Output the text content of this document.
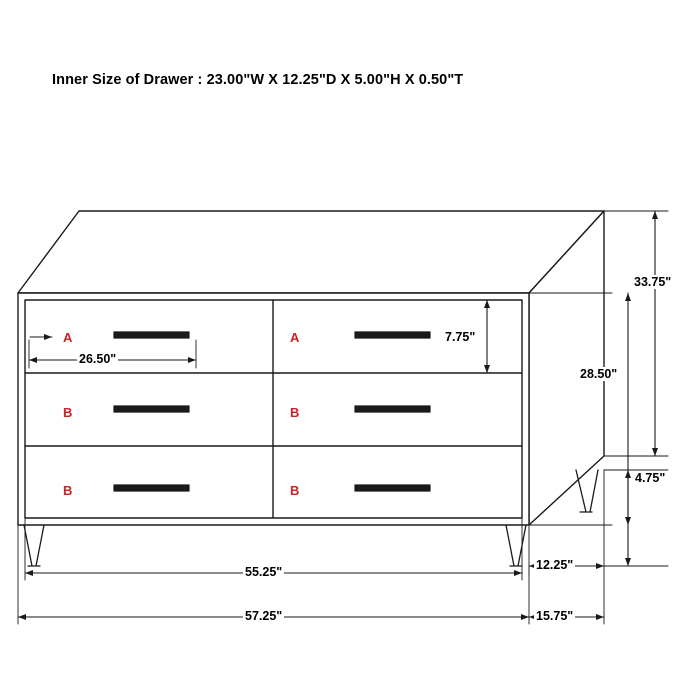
Inner Size of Drawer : 23.00"W X 12.25"D X 5.00"H X 0.50"T
A	A
B	B
B	B
26.50"
7.75"
33.75"
28.50"
4.75"
55.25"
57.25"
12.25"
15.75"
